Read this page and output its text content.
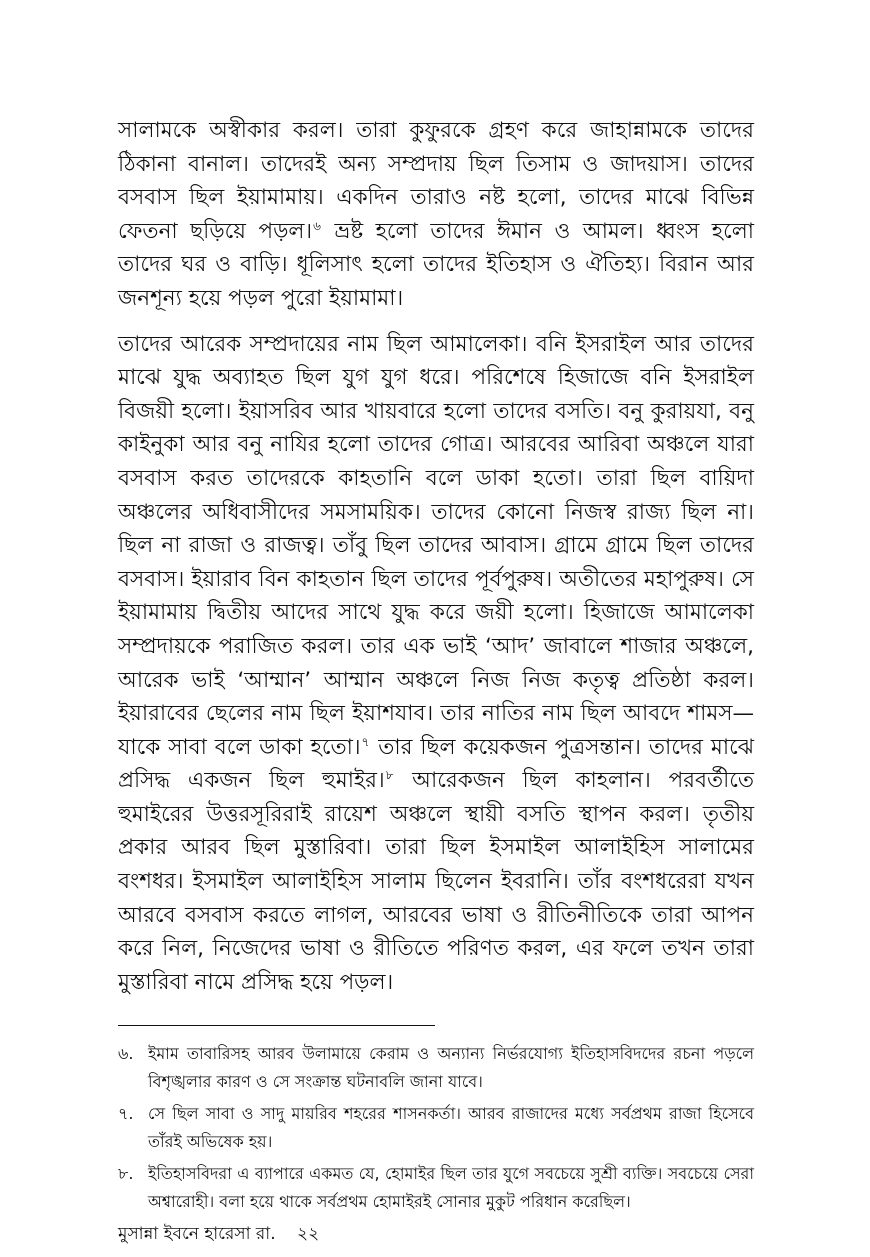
সালামকে অস্বীকার করল। তারা কুফুরকে গ্রহণ করে জাহান্নামকে তাদের ঠিকানা বানাল। তাদেরই অন্য সম্প্রদায় ছিল তিসাম ও জাদয়াস। তাদের বসবাস ছিল ইয়ামামায়। একদিন তারাও নষ্ট হলো, তাদের মাঝে বিভিন্ন ফেতনা ছড়িয়ে পড়ল।$^৬$ ভ্রষ্ট হলো তাদের ঈমান ও আমল। ধ্বংস হলো তাদের ঘর ও বাড়ি। ধূলিসাৎ হলো তাদের ইতিহাস ও ঐতিহ্য। বিরান আর জনশূন্য হয়ে পড়ল পুরো ইয়ামামা।

তাদের আরেক সম্প্রদায়ের নাম ছিল আমালেকা। বনি ইসরাইল আর তাদের মাঝে যুদ্ধ অব্যাহত ছিল যুগ যুগ ধরে। পরিশেষে হিজাজে বনি ইসরাইল বিজয়ী হলো। ইয়াসরিব আর খায়বারে হলো তাদের বসতি। বনু কুরায়যা, বনু কাইনুকা আর বনু নাযির হলো তাদের গোত্র। আরবের আরিবা অঞ্চলে যারা বসবাস করত তাদেরকে কাহতানি বলে ডাকা হতো। তারা ছিল বায়িদা অঞ্চলের অধিবাসীদের সমসাময়িক। তাদের কোনো নিজস্ব রাজ্য ছিল না। ছিল না রাজা ও রাজত্ব। তাঁবু ছিল তাদের আবাস। গ্রামে গ্রামে ছিল তাদের বসবাস। ইয়ারাব বিন কাহতান ছিল তাদের পূর্বপুরুষ। অতীতের মহাপুরুষ। সে ইয়ামামায় দ্বিতীয় আদের সাথে যুদ্ধ করে জয়ী হলো। হিজাজে আমালেকা সম্প্রদায়কে পরাজিত করল। তার এক ভাই ‘আদ’ জাবালে শাজার অঞ্চলে, আরেক ভাই ‘আম্মান’ আম্মান অঞ্চলে নিজ নিজ কতৃত্ব প্রতিষ্ঠা করল। ইয়ারাবের ছেলের নাম ছিল ইয়াশযাব। তার নাতির নাম ছিল আবদে শামস—যাকে সাবা বলে ডাকা হতো।$^৭$ তার ছিল কয়েকজন পুত্রসন্তান। তাদের মাঝে প্রসিদ্ধ একজন ছিল হুমাইর।$^৮$ আরেকজন ছিল কাহলান। পরবর্তীতে হুমাইরের উত্তরসূরিরাই রায়েশ অঞ্চলে স্থায়ী বসতি স্থাপন করল। তৃতীয় প্রকার আরব ছিল মুস্তারিবা। তারা ছিল ইসমাইল আলাইহিস সালামের বংশধর। ইসমাইল আলাইহিস সালাম ছিলেন ইবরানি। তাঁর বংশধরেরা যখন আরবে বসবাস করতে লাগল, আরবের ভাষা ও রীতিনীতিকে তারা আপন করে নিল, নিজেদের ভাষা ও রীতিতে পরিণত করল, এর ফলে তখন তারা মুস্তারিবা নামে প্রসিদ্ধ হয়ে পড়ল।

৬. ইমাম তাবারিসহ আরব উলামায়ে কেরাম ও অন্যান্য নির্ভরযোগ্য ইতিহাসবিদদের রচনা পড়লে বিশৃঙ্খলার কারণ ও সে সংক্রান্ত ঘটনাবলি জানা যাবে।
৭. সে ছিল সাবা ও সাদু মায়রিব শহরের শাসনকর্তা। আরব রাজাদের মধ্যে সর্বপ্রথম রাজা হিসেবে তাঁরই অভিষেক হয়।
৮. ইতিহাসবিদরা এ ব্যাপারে একমত যে, হোমাইর ছিল তার যুগে সবচেয়ে সুশ্রী ব্যক্তি। সবচেয়ে সেরা অশ্বারোহী। বলা হয়ে থাকে সর্বপ্রথম হোমাইরই সোনার মুকুট পরিধান করেছিল।
মুসান্না ইবনে হারেসা রা. ২২
